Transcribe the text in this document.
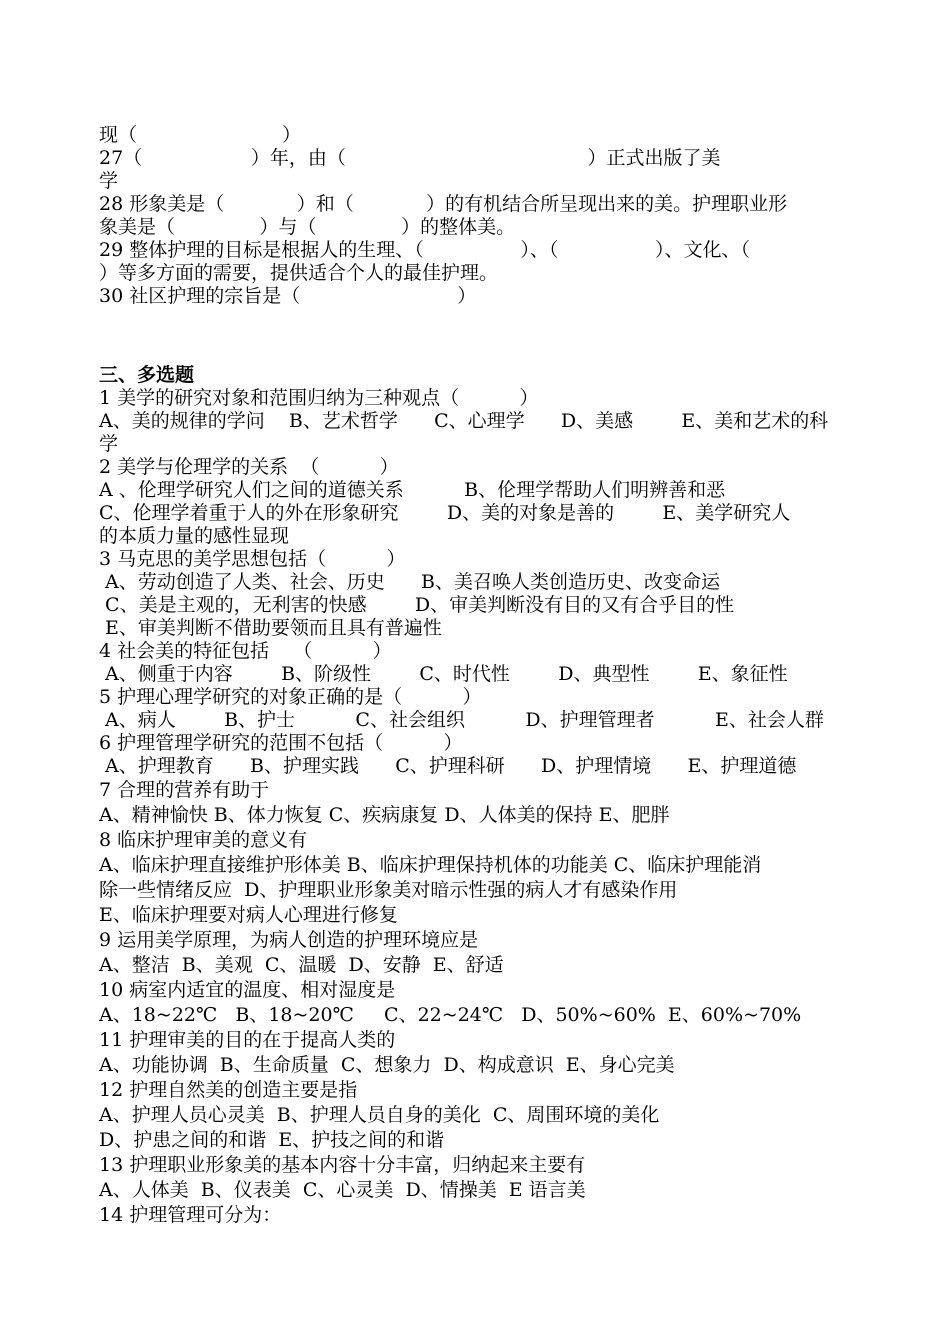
现（                        ）
27（                  ）年，由（                                        ）正式出版了美
学
28 形象美是（            ）和（            ）的有机结合所呈现出来的美。护理职业形
象美是（              ）与（              ）的整体美。
29 整体护理的目标是根据人的生理、（                ）、（                ）、文化、（
）等多方面的需要，提供适合个人的最佳护理。
30 社区护理的宗旨是（                          ）
三、多选题
1 美学的研究对象和范围归纳为三种观点（          ）
A、美的规律的学问    B、艺术哲学      C、心理学      D、美感        E、美和艺术的科
学
2 美学与伦理学的关系  （          ）
A 、伦理学研究人们之间的道德关系          B、伦理学帮助人们明辨善和恶
C、伦理学着重于人的外在形象研究        D、美的对象是善的        E、美学研究人
的本质力量的感性显现
3 马克思的美学思想包括（          ）
A、劳动创造了人类、社会、历史      B、美召唤人类创造历史、改变命运
C、美是主观的，无利害的快感        D、审美判断没有目的又有合乎目的性
E、审美判断不借助要领而且具有普遍性
4 社会美的特征包括    （          ）
A、侧重于内容        B、阶级性        C、时代性        D、典型性        E、象征性
5 护理心理学研究的对象正确的是（          ）
A、病人        B、护士          C、社会组织          D、护理管理者          E、社会人群
6 护理管理学研究的范围不包括（          ）
A、护理教育      B、护理实践      C、护理科研      D、护理情境      E、护理道德
7 合理的营养有助于
A、精神愉快 B、体力恢复 C、疾病康复 D、人体美的保持 E、肥胖
8 临床护理审美的意义有
A、临床护理直接维护形体美 B、临床护理保持机体的功能美 C、临床护理能消
除一些情绪反应  D、护理职业形象美对暗示性强的病人才有感染作用
E、临床护理要对病人心理进行修复
9 运用美学原理，为病人创造的护理环境应是
A、整洁  B、美观  C、温暖  D、安静  E、舒适
10 病室内适宜的温度、相对湿度是
A、18~22℃   B、18~20℃     C、22~24℃   D、50%~60%  E、60%~70%
11 护理审美的目的在于提高人类的
A、功能协调  B、生命质量  C、想象力  D、构成意识  E、身心完美
12 护理自然美的创造主要是指
A、护理人员心灵美  B、护理人员自身的美化  C、周围环境的美化
D、护患之间的和谐  E、护技之间的和谐
13 护理职业形象美的基本内容十分丰富，归纳起来主要有
A、人体美  B、仪表美  C、心灵美  D、情操美  E 语言美
14 护理管理可分为：
